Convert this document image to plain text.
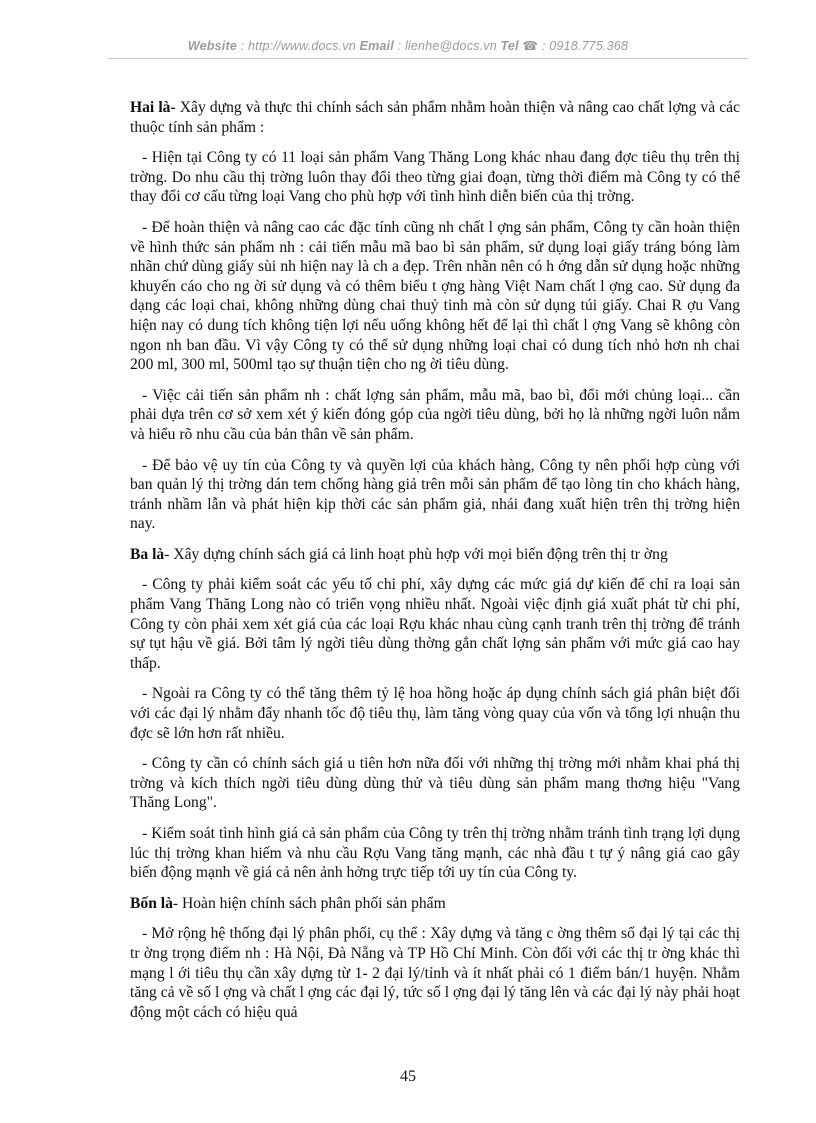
Website : http://www.docs.vn Email : lienhe@docs.vn Tel ☎ : 0918.775.368

Hai là- Xây dựng và thực thi chính sách sản phẩm nhằm hoàn thiện và nâng cao chất lợng và các thuộc tính sản phẩm :

- Hiện tại Công ty có 11 loại sản phẩm Vang Thăng Long khác nhau đang đợc tiêu thụ trên thị trờng. Do nhu cầu thị trờng luôn thay đổi theo từng giai đoạn, từng thời điểm mà Công ty có thể thay đổi cơ cấu từng loại Vang cho phù hợp với tình hình diễn biến của thị trờng.

- Để hoàn thiện và nâng cao các đặc tính cũng nh chất l ợng sản phẩm, Công ty cần hoàn thiện về hình thức sản phẩm nh : cải tiến mẫu mã bao bì sản phẩm, sử dụng loại giấy tráng bóng làm nhãn chứ dùng giấy sùi nh hiện nay là ch a đẹp. Trên nhãn nên có h ớng dẫn sử dụng hoặc những khuyến cáo cho ng ời sử dụng và có thêm biểu t ợng hàng Việt Nam chất l ợng cao. Sử dụng đa dạng các loại chai, không những dùng chai thuỷ tinh mà còn sử dụng túi giấy. Chai R ợu Vang hiện nay có dung tích không tiện lợi nếu uống không hết để lại thì chất l ợng Vang sẽ không còn ngon nh ban đầu. Vì vậy Công ty có thể sử dụng những loại chai có dung tích nhỏ hơn nh chai 200 ml, 300 ml, 500ml tạo sự thuận tiện cho ng ời tiêu dùng.

- Việc cải tiến sản phẩm nh : chất lợng sản phẩm, mẫu mã, bao bì, đổi mới chủng loại... cần phải dựa trên cơ sở xem xét ý kiến đóng góp của ngời tiêu dùng, bởi họ là những ngời luôn nắm và hiểu rõ nhu cầu của bản thân về sản phẩm.

- Để bảo vệ uy tín của Công ty và quyền lợi của khách hàng, Công ty nên phối hợp cùng với ban quản lý thị trờng dán tem chống hàng giả trên mỗi sản phẩm để tạo lòng tin cho khách hàng, tránh nhầm lẫn và phát hiện kịp thời các sản phẩm giả, nhái đang xuất hiện trên thị trờng hiện nay.

Ba là- Xây dựng chính sách giá cả linh hoạt phù hợp với mọi biến động trên thị tr ờng

- Công ty phải kiểm soát các yếu tố chi phí, xây dựng các mức giá dự kiến để chỉ ra loại sản phẩm Vang Thăng Long nào có triển vọng nhiều nhất. Ngoài việc định giá xuất phát từ chi phí, Công ty còn phải xem xét giá của các loại Rợu khác nhau cùng cạnh tranh trên thị trờng để tránh sự tụt hậu về giá. Bởi tâm lý ngời tiêu dùng thờng gắn chất lợng sản phẩm với mức giá cao hay thấp.

- Ngoài ra Công ty có thể tăng thêm tỷ lệ hoa hồng hoặc áp dụng chính sách giá phân biệt đối với các đại lý nhằm đẩy nhanh tốc độ tiêu thụ, làm tăng vòng quay của vốn và tổng lợi nhuận thu đợc sẽ lớn hơn rất nhiều.

- Công ty cần có chính sách giá u tiên hơn nữa đối với những thị trờng mới nhằm khai phá thị trờng và kích thích ngời tiêu dùng dùng thử và tiêu dùng sản phẩm mang thơng hiệu "Vang Thăng Long".

- Kiểm soát tình hình giá cả sản phẩm của Công ty trên thị trờng nhằm tránh tình trạng lợi dụng lúc thị trờng khan hiếm và nhu cầu Rợu Vang tăng mạnh, các nhà đầu t tự ý nâng giá cao gây biến động mạnh về giá cả nên ảnh hởng trực tiếp tới uy tín của Công ty.

Bốn là- Hoàn hiện chính sách phân phối sản phẩm

- Mở rộng hệ thống đại lý phân phối, cụ thể : Xây dựng và tăng c ờng thêm số đại lý tại các thị tr ờng trọng điểm nh : Hà Nội, Đà Nẵng và TP Hồ Chí Minh. Còn đối với các thị tr ờng khác thì mạng l ới tiêu thụ cần xây dựng từ 1- 2 đại lý/tỉnh và ít nhất phải có 1 điểm bán/1 huyện. Nhằm tăng cả về số l ợng và chất l ợng các đại lý, tức số l ợng đại lý tăng lên và các đại lý này phải hoạt động một cách có hiệu quả

45
